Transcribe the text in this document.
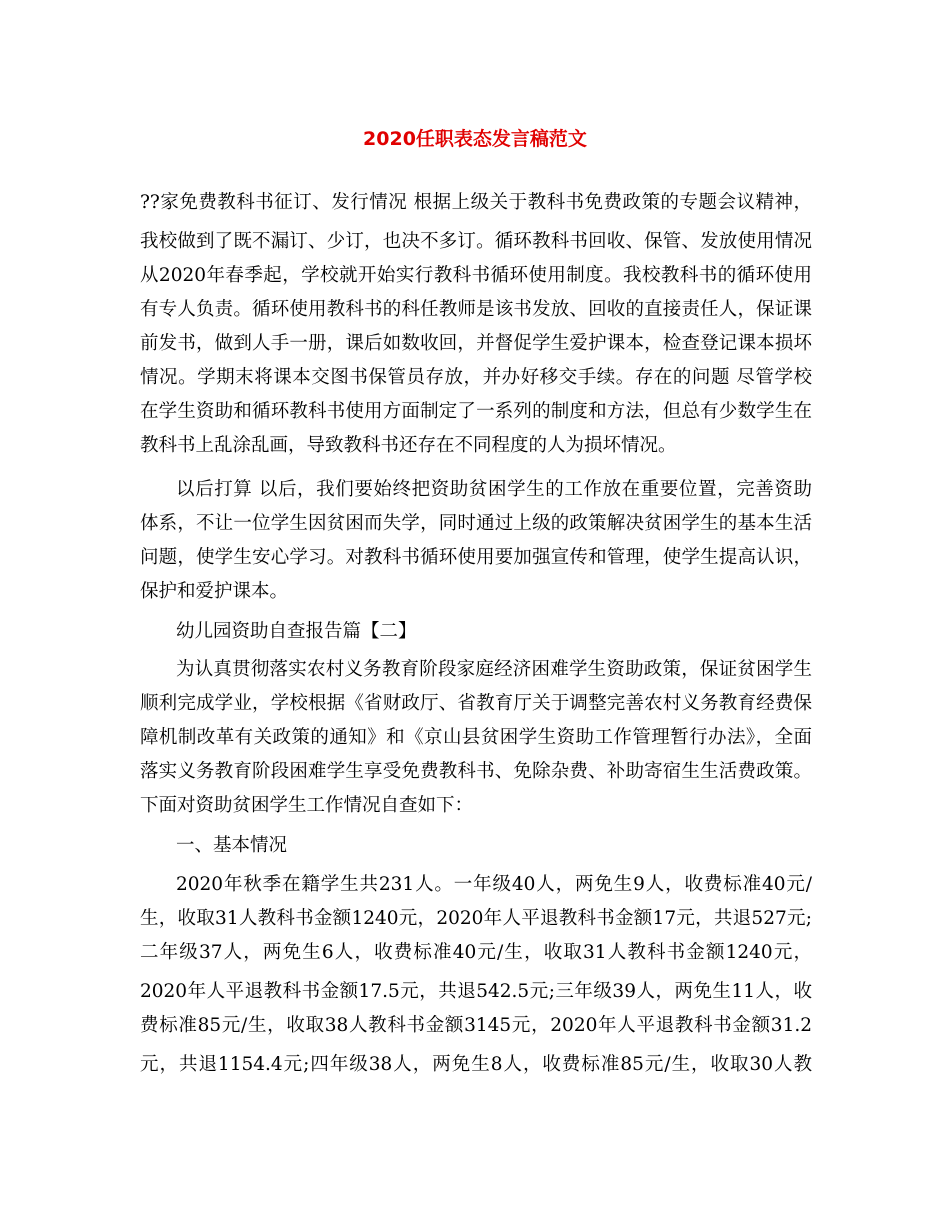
2020任职表态发言稿范文
??家免费教科书征订、发行情况 根据上级关于教科书免费政策的专题会议精神，
我校做到了既不漏订、少订，也决不多订。循环教科书回收、保管、发放使用情况
从2020年春季起，学校就开始实行教科书循环使用制度。我校教科书的循环使用
有专人负责。循环使用教科书的科任教师是该书发放、回收的直接责任人，保证课
前发书，做到人手一册，课后如数收回，并督促学生爱护课本，检查登记课本损坏
情况。学期末将课本交图书保管员存放，并办好移交手续。存在的问题 尽管学校
在学生资助和循环教科书使用方面制定了一系列的制度和方法，但总有少数学生在
教科书上乱涂乱画，导致教科书还存在不同程度的人为损坏情况。
以后打算 以后，我们要始终把资助贫困学生的工作放在重要位置，完善资助
体系，不让一位学生因贫困而失学，同时通过上级的政策解决贫困学生的基本生活
问题，使学生安心学习。对教科书循环使用要加强宣传和管理，使学生提高认识，
保护和爱护课本。
幼儿园资助自查报告篇【二】
为认真贯彻落实农村义务教育阶段家庭经济困难学生资助政策，保证贫困学生
顺利完成学业，学校根据《省财政厅、省教育厅关于调整完善农村义务教育经费保
障机制改革有关政策的通知》和《京山县贫困学生资助工作管理暂行办法》，全面
落实义务教育阶段困难学生享受免费教科书、免除杂费、补助寄宿生生活费政策。
下面对资助贫困学生工作情况自查如下：
一、基本情况
2020年秋季在籍学生共231人。一年级40人，两免生9人，收费标准40元/
生，收取31人教科书金额1240元，2020年人平退教科书金额17元，共退527元;
二年级37人，两免生6人，收费标准40元/生，收取31人教科书金额1240元，
2020年人平退教科书金额17.5元，共退542.5元;三年级39人，两免生11人，收
费标准85元/生，收取38人教科书金额3145元，2020年人平退教科书金额31.2
元，共退1154.4元;四年级38人，两免生8人，收费标准85元/生，收取30人教
